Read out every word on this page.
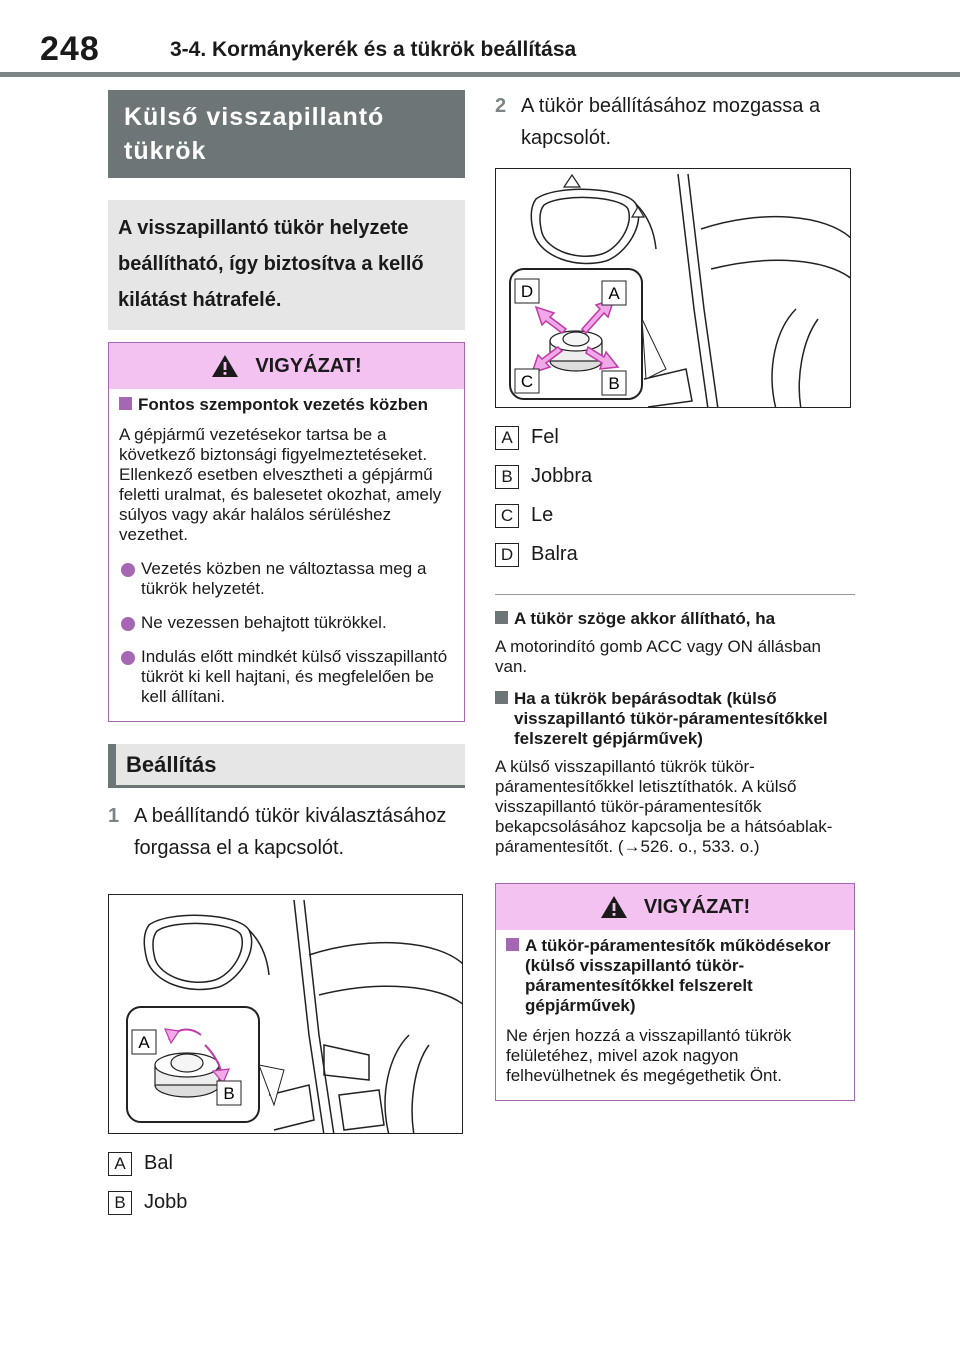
248	3-4. Kormánykerék és a tükrök beállítása
Külső visszapillantó tükrök
A visszapillantó tükör helyzete beállítható, így biztosítva a kellő kilátást hátrafelé.
VIGYÁZAT!
Fontos szempontok vezetés közben
A gépjármű vezetésekor tartsa be a következő biztonsági figyelmeztetéseket. Ellenkező esetben elvesztheti a gépjármű feletti uralmat, és balesetet okozhat, amely súlyos vagy akár halálos sérüléshez vezethet.
Vezetés közben ne változtassa meg a tükrök helyzetét.
Ne vezessen behajtott tükrökkel.
Indulás előtt mindkét külső visszapillantó tükröt ki kell hajtani, és megfelelően be kell állítani.
Beállítás
1 A beállítandó tükör kiválasztásához forgassa el a kapcsolót.
A
B
A Bal
B Jobb
2 A tükör beállításához mozgassa a kapcsolót.
D	A
C	B
A Fel
B Jobbra
C Le
D Balra
A tükör szöge akkor állítható, ha
A motorindító gomb ACC vagy ON állásban van.
Ha a tükrök bepárásodtak (külső visszapillantó tükör-páramentesítőkkel felszerelt gépjárművek)
A külső visszapillantó tükrök tükör-páramentesítőkkel letisztíthatók. A külső visszapillantó tükör-páramentesítők bekapcsolásához kapcsolja be a hátsóablak-páramentesítőt. (→526. o., 533. o.)
VIGYÁZAT!
A tükör-páramentesítők működésekor (külső visszapillantó tükör-páramentesítőkkel felszerelt gépjárművek)
Ne érjen hozzá a visszapillantó tükrök felületéhez, mivel azok nagyon felhevülhetnek és megégethetik Önt.
